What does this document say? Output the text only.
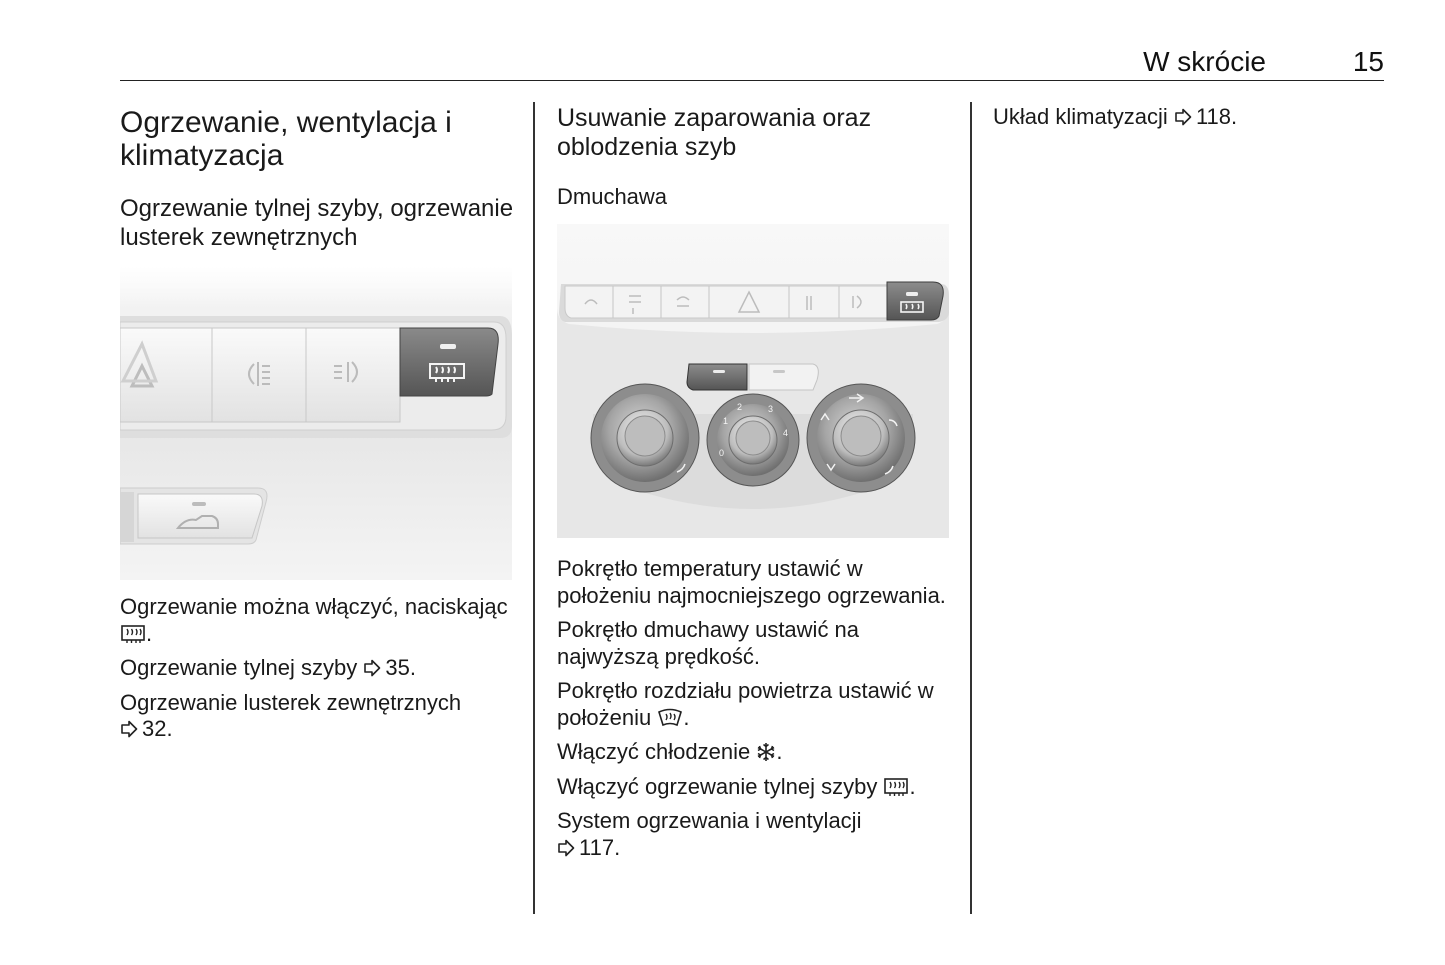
W skrócie	15
Ogrzewanie, wentylacja i klimatyzacja
Ogrzewanie tylnej szyby, ogrzewanie lusterek zewnętrznych

Ogrzewanie można włączyć, naciskając .

Ogrzewanie tylnej szyby 35.

Ogrzewanie lusterek zewnętrznych
32.

Usuwanie zaparowania oraz oblodzenia szyb
Dmuchawa
0
1
2	3
4

Pokrętło temperatury ustawić w położeniu najmocniejszego ogrzewania.

Pokrętło dmuchawy ustawić na najwyższą prędkość.

Pokrętło rozdziału powietrza ustawić w położeniu .

Włączyć chłodzenie .

Włączyć ogrzewanie tylnej szyby .

System ogrzewania i wentylacji
117.

Układ klimatyzacji 118.
